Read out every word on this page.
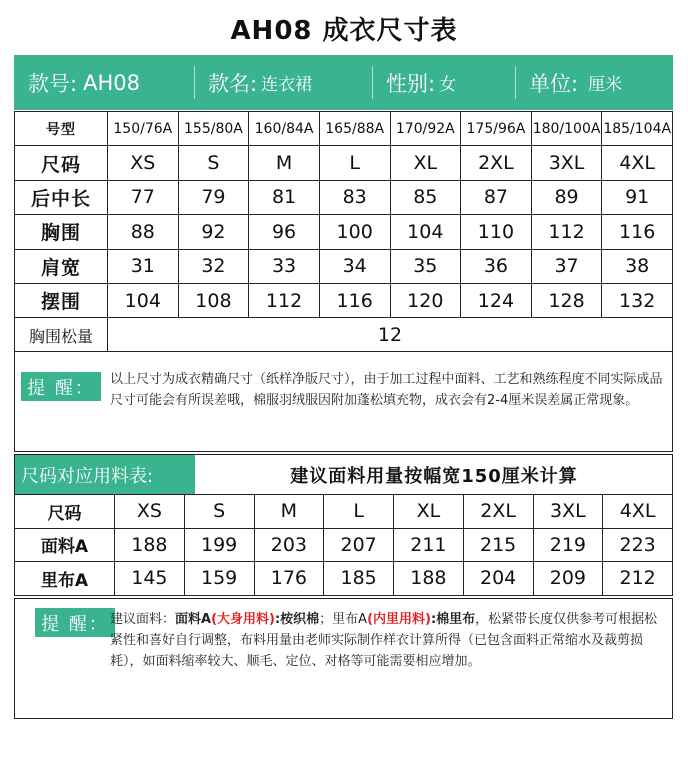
AH08 成衣尺寸表
款号: AH08	款名: 连衣裙	性别: 女	单位: 厘米
号型	150/76A	155/80A	160/84A	165/88A	170/92A	175/96A	180/100A	185/104A
尺码	XS	S	M	L	XL	2XL	3XL	4XL
后中长	77	79	81	83	85	87	89	91
胸围	88	92	96	100	104	110	112	116
肩宽	31	32	33	34	35	36	37	38
摆围	104	108	112	116	120	124	128	132
胸围松量	12							
提 醒：	以上尺寸为成衣精确尺寸（纸样净版尺寸），由于加工过程中面料、工艺和熟练程度不同实际成品尺寸可能会有所误差哦，棉服羽绒服因附加蓬松填充物，成衣会有2-4厘米误差属正常现象。
尺码对应用料表:	建议面料用量按幅宽150厘米计算
尺码	XS	S	M	L	XL	2XL	3XL	4XL
面料A	188	199	203	207	211	215	219	223
里布A	145	159	176	185	188	204	209	212
提 醒： 建议面料：面料A(大身用料):桉织棉；里布A(内里用料):棉里布，松紧带长度仅供参考可根据松紧性和喜好自行调整，布料用量由老师实际制作样衣计算所得（已包含面料正常缩水及裁剪损耗），如面料缩率较大、顺毛、定位、对格等可能需要相应增加。
